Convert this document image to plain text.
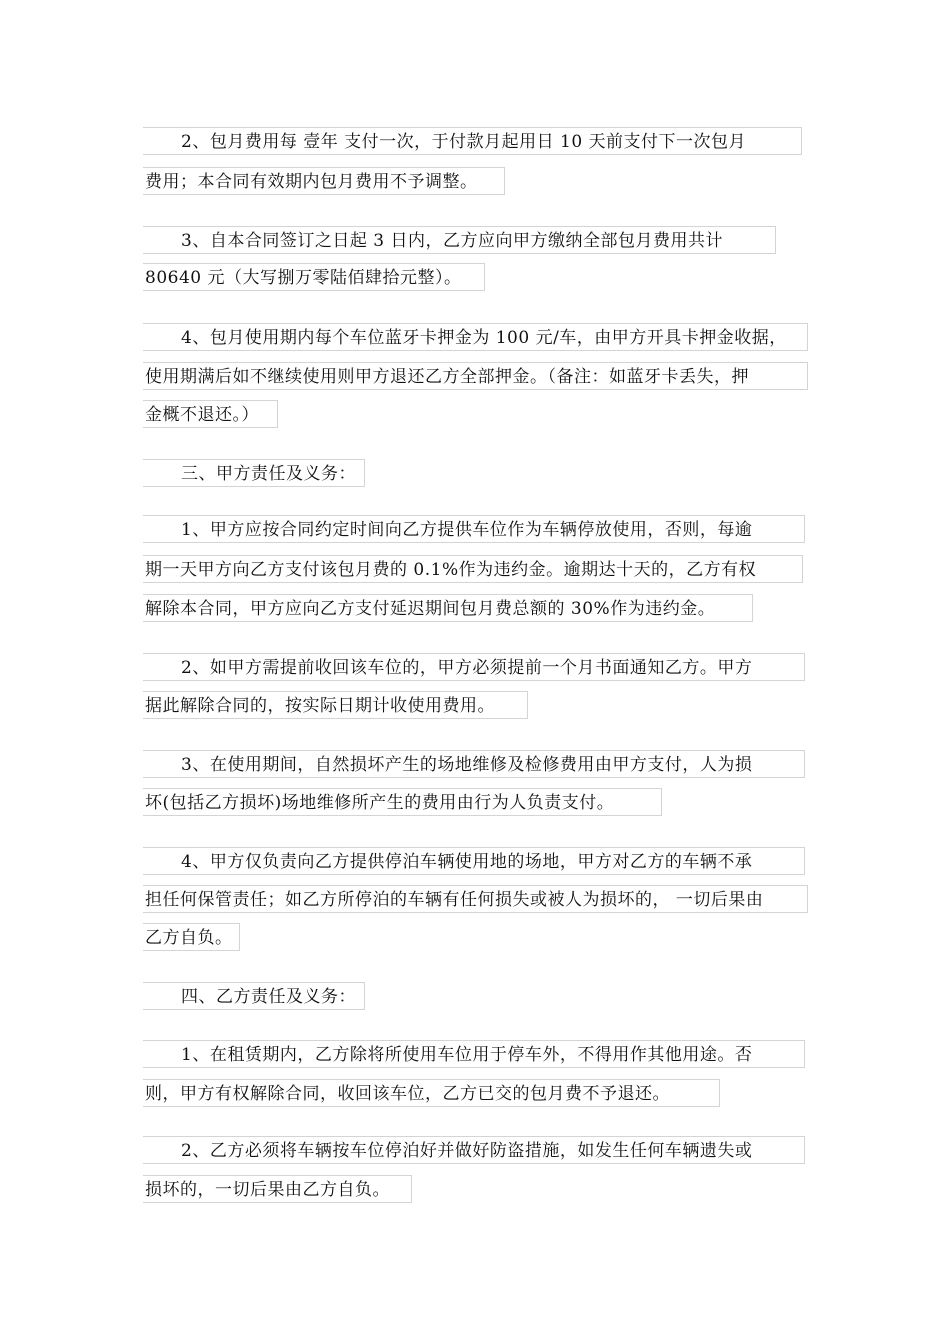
2、包月费用每 壹年 支付一次，于付款月起用日 10 天前支付下一次包月
费用；本合同有效期内包月费用不予调整。
3、自本合同签订之日起 3 日内，乙方应向甲方缴纳全部包月费用共计
80640 元（大写捌万零陆佰肆拾元整）。
4、包月使用期内每个车位蓝牙卡押金为 100 元/车，由甲方开具卡押金收据，
使用期满后如不继续使用则甲方退还乙方全部押金。（备注：如蓝牙卡丢失，押
金概不退还。）
三、甲方责任及义务：
1、甲方应按合同约定时间向乙方提供车位作为车辆停放使用，否则，每逾
期一天甲方向乙方支付该包月费的 0.1%作为违约金。逾期达十天的，乙方有权
解除本合同，甲方应向乙方支付延迟期间包月费总额的 30%作为违约金。
2、如甲方需提前收回该车位的，甲方必须提前一个月书面通知乙方。甲方
据此解除合同的，按实际日期计收使用费用。
3、在使用期间，自然损坏产生的场地维修及检修费用由甲方支付，人为损
坏(包括乙方损坏)场地维修所产生的费用由行为人负责支付。
4、甲方仅负责向乙方提供停泊车辆使用地的场地，甲方对乙方的车辆不承
担任何保管责任；如乙方所停泊的车辆有任何损失或被人为损坏的， 一切后果由
乙方自负。
四、乙方责任及义务：
1、在租赁期内，乙方除将所使用车位用于停车外，不得用作其他用途。否
则，甲方有权解除合同，收回该车位，乙方已交的包月费不予退还。
2、乙方必须将车辆按车位停泊好并做好防盗措施，如发生任何车辆遗失或
损坏的，一切后果由乙方自负。
